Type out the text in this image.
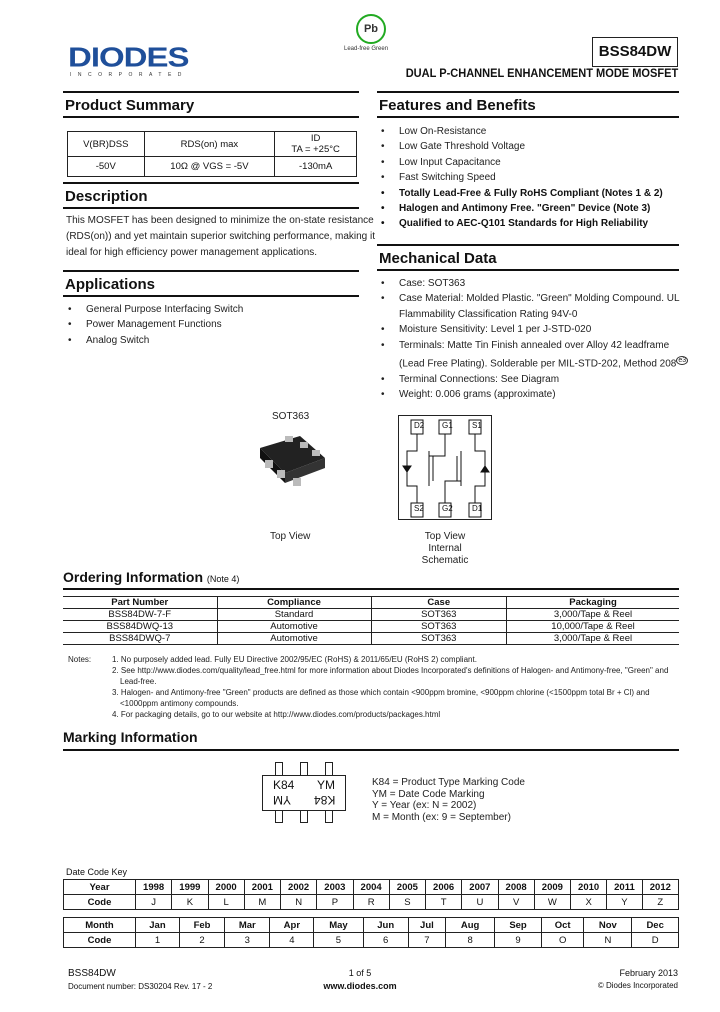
DIODES
INCORPORATED
Pb
Lead-free Green	BSS84DW
DUAL P-CHANNEL ENHANCEMENT MODE MOSFET
Product Summary
V(BR)DSS	RDS(on) max	ID
TA = +25°C

-50V	10Ω @ VGS = -5V	-130mA
Description
This MOSFET has been designed to minimize the on-state resistance
(RDS(on)) and yet maintain superior switching performance, making it
ideal for high efficiency power management applications.
Applications
• General Purpose Interfacing Switch
• Power Management Functions
• Analog Switch
Features and Benefits
• Low On-Resistance
• Low Gate Threshold Voltage
• Low Input Capacitance
• Fast Switching Speed
• Totally Lead-Free & Fully RoHS Compliant (Notes 1 & 2)
• Halogen and Antimony Free. "Green" Device (Note 3)
• Qualified to AEC-Q101 Standards for High Reliability
Mechanical Data
• Case: SOT363
• Case Material: Molded Plastic. "Green" Molding Compound. UL
Flammability Classification Rating 94V-0
• Moisture Sensitivity: Level 1 per J-STD-020
• Terminals: Matte Tin Finish annealed over Alloy 42 leadframe
(Lead Free Plating). Solderable per MIL-STD-202, Method 208 $^{e3}$
• Terminal Connections: See Diagram
• Weight: 0.006 grams (approximate)
SOT363
Top View
D2 G1 S1
S2 G2 D1
Top View
Internal Schematic
Ordering Information (Note 4)
Part Number	Compliance	Case	Packaging
BSS84DW-7-F	Standard	SOT363	3,000/Tape & Reel
BSS84DWQ-13	Automotive	SOT363	10,000/Tape & Reel
BSS84DWQ-7	Automotive	SOT363	3,000/Tape & Reel
Notes:	1. No purposely added lead. Fully EU Directive 2002/95/EC (RoHS) & 2011/65/EU (RoHS 2) compliant.
2. See http://www.diodes.com/quality/lead_free.html for more information about Diodes Incorporated's definitions of Halogen- and Antimony-free, "Green" and Lead-free.
3. Halogen- and Antimony-free "Green" products are defined as those which contain <900ppm bromine, <900ppm chlorine (<1500ppm total Br + Cl) and <1000ppm antimony compounds.
4. For packaging details, go to our website at http://www.diodes.com/products/packages.html
Marking Information
K84 YM
YM K84
K84 = Product Type Marking Code
YM = Date Code Marking
Y = Year (ex: N = 2002)
M = Month (ex: 9 = September)
Date Code Key
Year	1998	1999	2000	2001	2002	2003	2004	2005	2006	2007	2008	2009	2010	2011	2012
Code	J	K	L	M	N	P	R	S	T	U	V	W	X	Y	Z
Month	Jan	Feb	Mar	Apr	May	Jun	Jul	Aug	Sep	Oct	Nov	Dec
Code	1	2	3	4	5	6	7	8	9	O	N	D
BSS84DW
Document number: DS30204 Rev. 17 - 2
1 of 5
www.diodes.com
February 2013
© Diodes Incorporated
